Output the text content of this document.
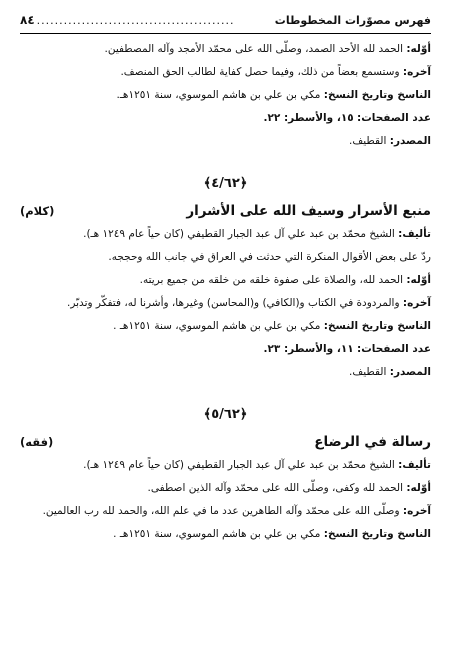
فهرس مصوّرات المخطوطات
............................................
٨٤

أوّله: الحمد لله الأحد الصمد، وصلّى الله على محمّد الأمجد وآله المصطفين.

آخره: وستسمع بعضاً من ذلك، وفيما حصل كفاية لطالب الحق المنصف.

الناسخ وتاريخ النسخ: مكي بن علي بن هاشم الموسوي، سنة ١٢٥١هـ.

عدد الصفحات: ١٥، والأسطر: ٢٢.

المصدر: القطيف.

﴿٤/٦٢﴾
منبع الأسرار وسيف الله على الأشرار
(كلام)

تأليف: الشيخ محمّد بن عبد علي آل عبد الجبار القطيفي (كان حياً عام ١٢٤٩ هـ).

ردّ على بعض الأقوال المنكرة التي حدثت في العراق في جانب الله وحججه.

أوّله: الحمد لله، والصلاة على صفوة خلقه من خلقه من جميع بريته.

آخره: والمردودة في الكتاب و(الكافي) و(المحاسن) وغيرها، وأشرنا له، فتفكّر وتدبّر.

الناسخ وتاريخ النسخ: مكي بن علي بن هاشم الموسوي، سنة ١٢٥١هـ .

عدد الصفحات: ١١، والأسطر: ٢٣.

المصدر: القطيف.

﴿٥/٦٢﴾
رسالة في الرضاع
(فقه)

تأليف: الشيخ محمّد بن عبد علي آل عبد الجبار القطيفي (كان حياً عام ١٢٤٩ هـ).

أوّله: الحمد لله وكفى، وصلّى الله على محمّد وآله الذين اصطفى.

آخره: وصلّى الله على محمّد وآله الطاهرين عدد ما في علم الله، والحمد لله رب العالمين.

الناسخ وتاريخ النسخ: مكي بن علي بن هاشم الموسوي، سنة ١٢٥١هـ .
